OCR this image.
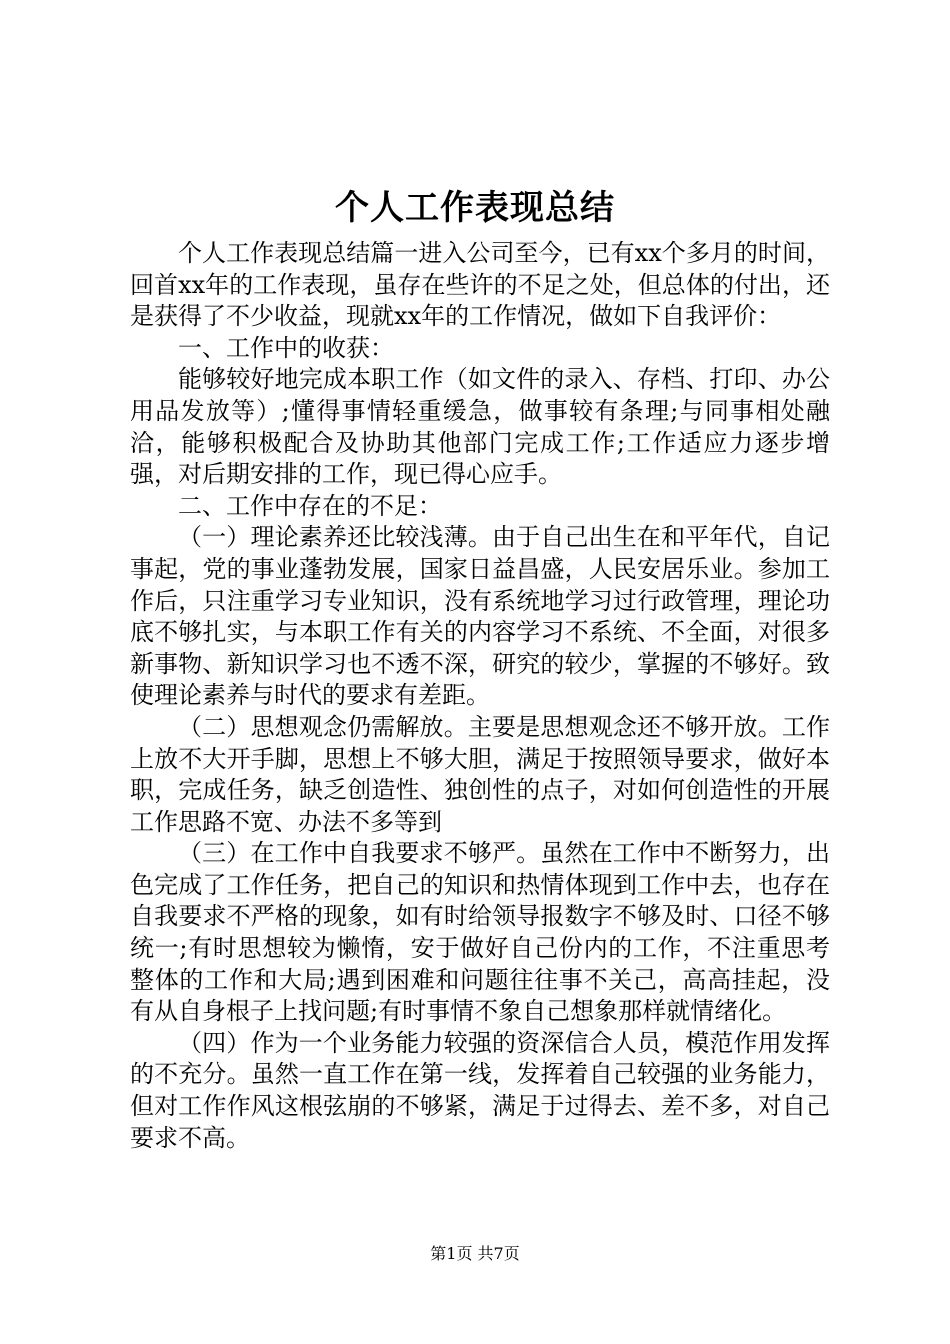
个人工作表现总结

个人工作表现总结篇一进入公司至今，已有xx个多月的时间，回首xx年的工作表现，虽存在些许的不足之处，但总体的付出，还是获得了不少收益，现就xx年的工作情况，做如下自我评价：

一、工作中的收获：

能够较好地完成本职工作（如文件的录入、存档、打印、办公用品发放等）;懂得事情轻重缓急，做事较有条理;与同事相处融洽，能够积极配合及协助其他部门完成工作;工作适应力逐步增强，对后期安排的工作，现已得心应手。

二、工作中存在的不足：

（一）理论素养还比较浅薄。由于自己出生在和平年代，自记事起，党的事业蓬勃发展，国家日益昌盛，人民安居乐业。参加工作后，只注重学习专业知识，没有系统地学习过行政管理，理论功底不够扎实，与本职工作有关的内容学习不系统、不全面，对很多新事物、新知识学习也不透不深，研究的较少，掌握的不够好。致使理论素养与时代的要求有差距。

（二）思想观念仍需解放。主要是思想观念还不够开放。工作上放不大开手脚，思想上不够大胆，满足于按照领导要求，做好本职，完成任务，缺乏创造性、独创性的点子，对如何创造性的开展工作思路不宽、办法不多等到

（三）在工作中自我要求不够严。虽然在工作中不断努力，出色完成了工作任务，把自己的知识和热情体现到工作中去，也存在自我要求不严格的现象，如有时给领导报数字不够及时、口径不够统一;有时思想较为懒惰，安于做好自己份内的工作，不注重思考整体的工作和大局;遇到困难和问题往往事不关己，高高挂起，没有从自身根子上找问题;有时事情不象自己想象那样就情绪化。

（四）作为一个业务能力较强的资深信合人员，模范作用发挥的不充分。虽然一直工作在第一线，发挥着自己较强的业务能力，但对工作作风这根弦崩的不够紧，满足于过得去、差不多，对自己要求不高。

第1页 共7页
